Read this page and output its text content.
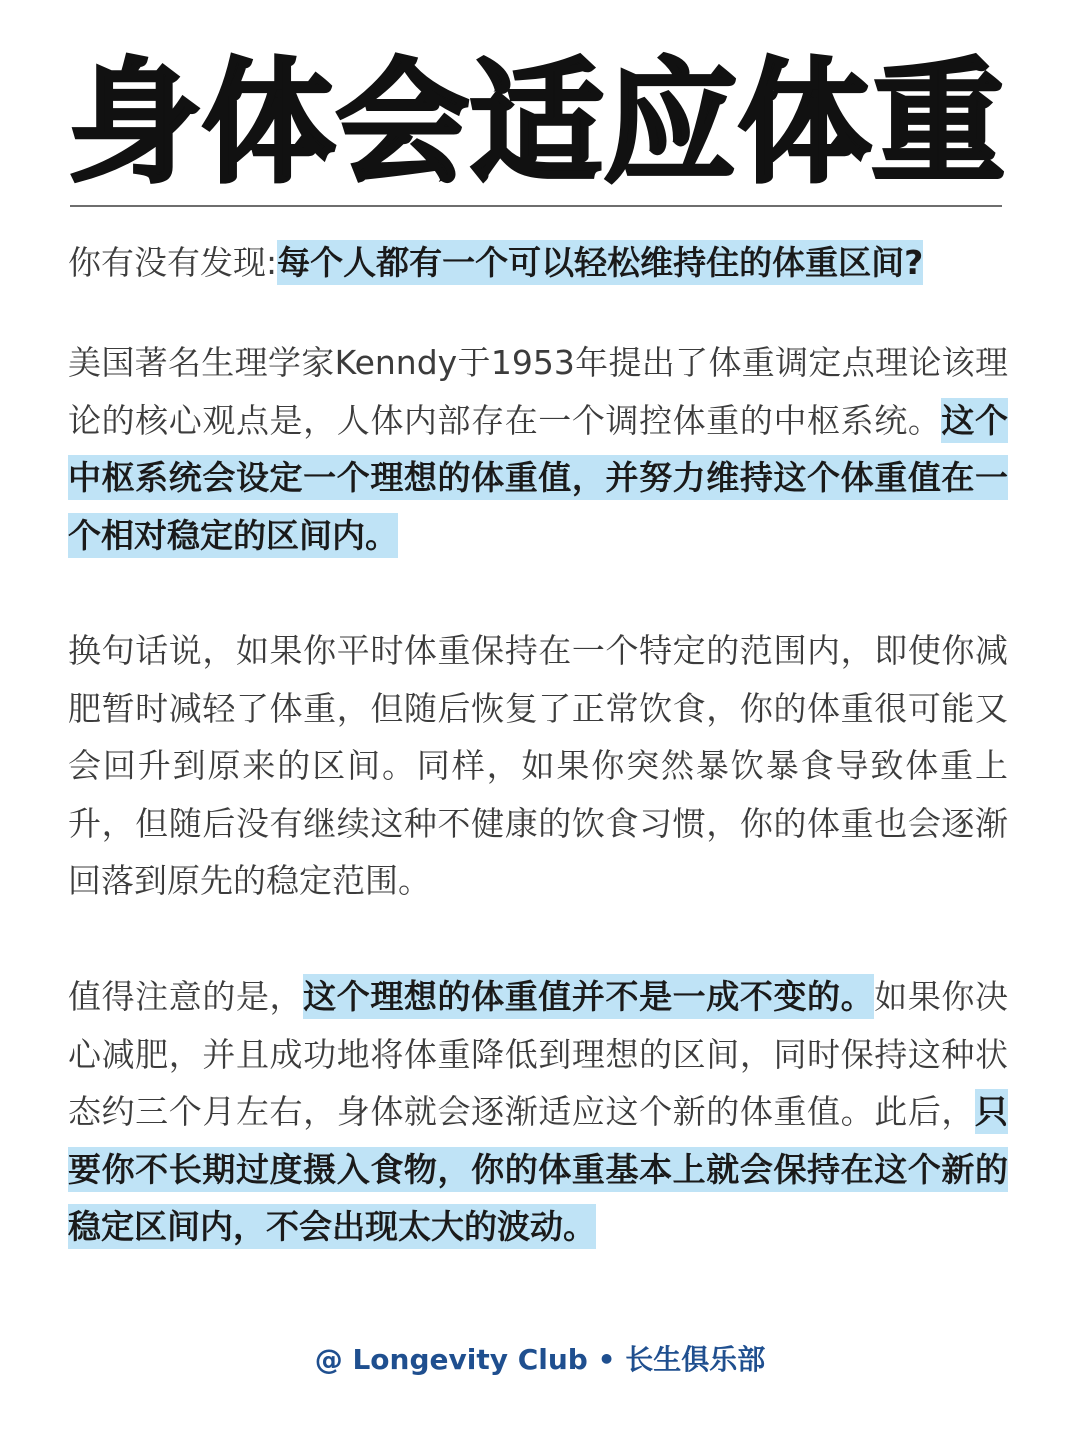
身体会适应体重

你有没有发现:每个人都有一个可以轻松维持住的体重区间?

美国著名生理学家Kenndy于1953年提出了体重调定点理论该理论的核心观点是，人体内部存在一个调控体重的中枢系统。这个中枢系统会设定一个理想的体重值，并努力维持这个体重值在一个相对稳定的区间内。

换句话说，如果你平时体重保持在一个特定的范围内，即使你减肥暂时减轻了体重，但随后恢复了正常饮食，你的体重很可能又会回升到原来的区间。同样，如果你突然暴饮暴食导致体重上升，但随后没有继续这种不健康的饮食习惯，你的体重也会逐渐回落到原先的稳定范围。

值得注意的是，这个理想的体重值并不是一成不变的。如果你决心减肥，并且成功地将体重降低到理想的区间，同时保持这种状态约三个月左右，身体就会逐渐适应这个新的体重值。此后，只要你不长期过度摄入食物，你的体重基本上就会保持在这个新的稳定区间内，不会出现太大的波动。

@ Longevity Club • 长生俱乐部
